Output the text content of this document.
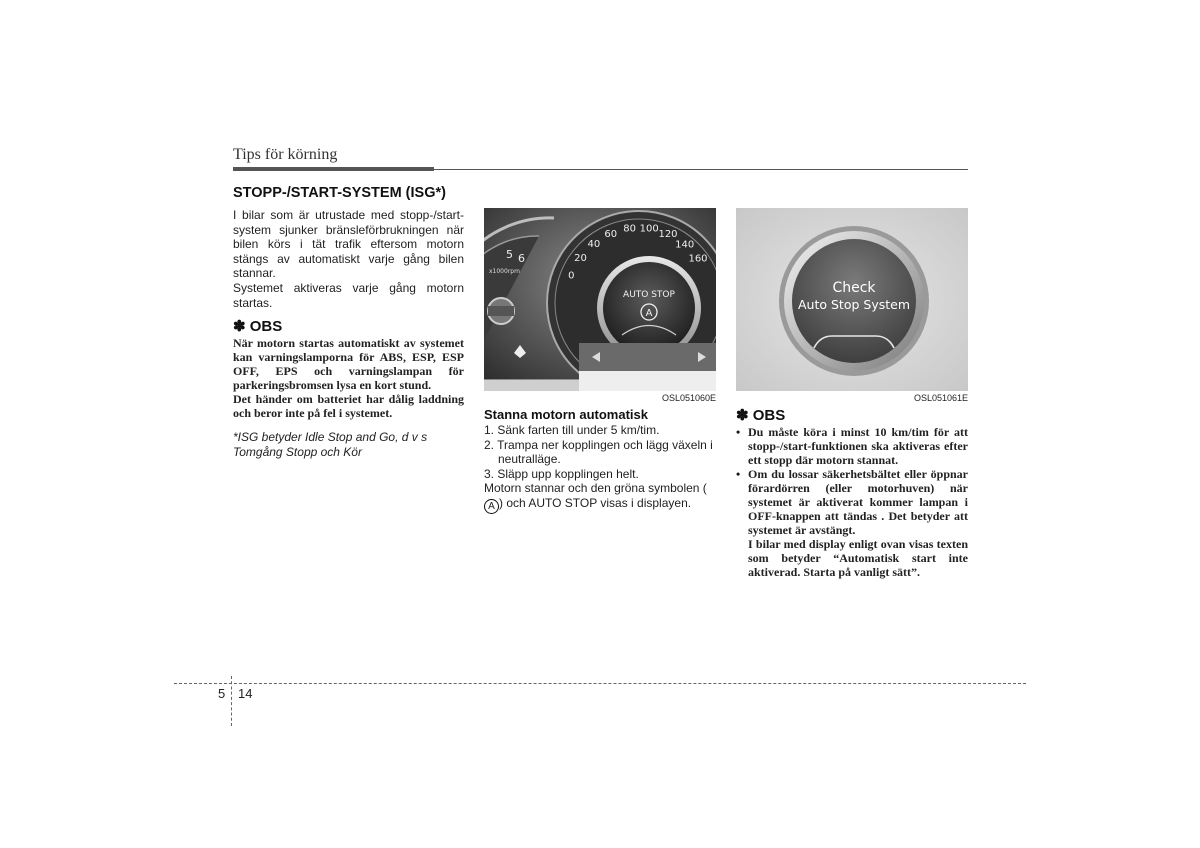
Tips för körning
STOPP-/START-SYSTEM (ISG*)

I bilar som är utrustade med stopp-/start-system sjunker bränsleförbrukningen när bilen körs i tät trafik eftersom motorn stängs av automatiskt varje gång bilen stannar.

Systemet aktiveras varje gång motorn startas.

✽ OBS

När motorn startas automatiskt av systemet kan varningslamporna för ABS, ESP, ESP OFF, EPS och varningslampan för parkeringsbromsen lysa en kort stund.

Det händer om batteriet har dålig laddning och beror inte på fel i systemet.

*ISG betyder Idle Stop and Go, d v s Tomgång Stopp och Kör

5 6
x1000rpm	0
20
40
60 80 100 120
140
160
AUTO STOP
A

OSL051060E

Stanna motorn automatisk

1. Sänk farten till under 5 km/tim.

2. Trampa ner kopplingen och lägg växeln i neutralläge.

3. Släpp upp kopplingen helt.

Motorn stannar och den gröna symbolen (A ) och AUTO STOP visas i displayen.

Check
Auto Stop System

OSL051061E

✽ OBS

• Du måste köra i minst 10 km/tim för att stopp-/start-funktionen ska aktiveras efter ett stopp där motorn stannat.

• Om du lossar säkerhetsbältet eller öppnar förardörren (eller motorhuven) när systemet är aktiverat kommer lampan i OFF-knappen att tändas . Det betyder att systemet är avstängt.

I bilar med display enligt ovan visas texten som betyder “Automatisk start inte aktiverad. Starta på vanligt sätt”.

5 14
